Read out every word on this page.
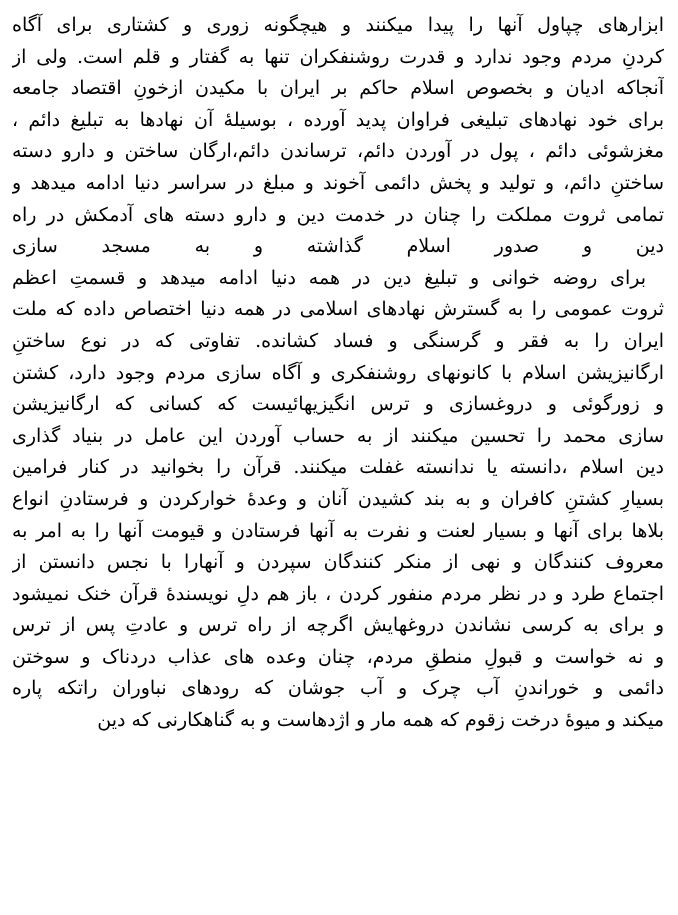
ابزارهای چپاول آنها را پیدا میکنند و هیچگونه زوری و کشتاری برای آگاه
کردنِ مردم وجود ندارد و قدرت روشنفکران تنها به گفتار و قلم است. ولی از
آنجاکه ادیان و بخصوص اسلام حاکم بر ایران با مکیدن ازخونِ اقتصاد جامعه
برای خود نهادهای تبلیغی فراوان پدید آورده ، بوسیلهٔ آن نهادها به تبلیغ دائم ،
مغزشوئی دائم ، پول در آوردن دائم، ترساندن دائم،ارگان ساختن و دارو دسته
ساختنِ دائم، و تولید و پخش دائمی آخوند و مبلغ در سراسر دنیا ادامه میدهد و
تمامی ثروت مملکت را چنان در خدمت دین و دارو دسته های آدمکش در راه
دین و صدور اسلام گذاشته و به مسجد سازی
برای روضه خوانی و تبلیغ دین در همه دنیا ادامه میدهد و قسمتِ اعظم
ثروت عمومی را به گسترش نهادهای اسلامی در همه دنیا اختصاص داده که ملت
ایران را به فقر و گرسنگی و فساد کشانده. تفاوتی که در نوع ساختنِ
ارگانیزیشن اسلام با کانونهای روشنفکری و آگاه سازی مردم وجود دارد، کشتن
و زورگوئی و دروغسازی و ترس انگیزیهائیست که کسانی که ارگانیزیشن
سازی محمد را تحسین میکنند از به حساب آوردن این عامل در بنیاد گذاری
دین اسلام ،دانسته یا ندانسته غفلت میکنند. قرآن را بخوانید در کنار فرامین
بسیارِ کشتنِ کافران و به بند کشیدن آنان و وعدهٔ خوارکردن و فرستادنِ انواع
بلاها برای آنها و بسیار لعنت و نفرت به آنها فرستادن و قیومت آنها را به امر به
معروف کنندگان و نهی از منکر کنندگان سپردن و آنهارا با نجس دانستن از
اجتماع طرد و در نظر مردم منفور کردن ، باز هم دلِ نویسندهٔ قرآن خنک نمیشود
و برای به کرسی نشاندن دروغهایش اگرچه از راه ترس و عادتِ پس از ترس
و نه خواست و قبولِ منطقِ مردم، چنان وعده های عذاب دردناک و سوختن
دائمی و خوراندنِ آب چرک و آب جوشان که رودهای نباوران راتکه پاره
میکند و میوهٔ درخت زقوم که همه مار و اژدهاست و به گناهکارنی که دین
